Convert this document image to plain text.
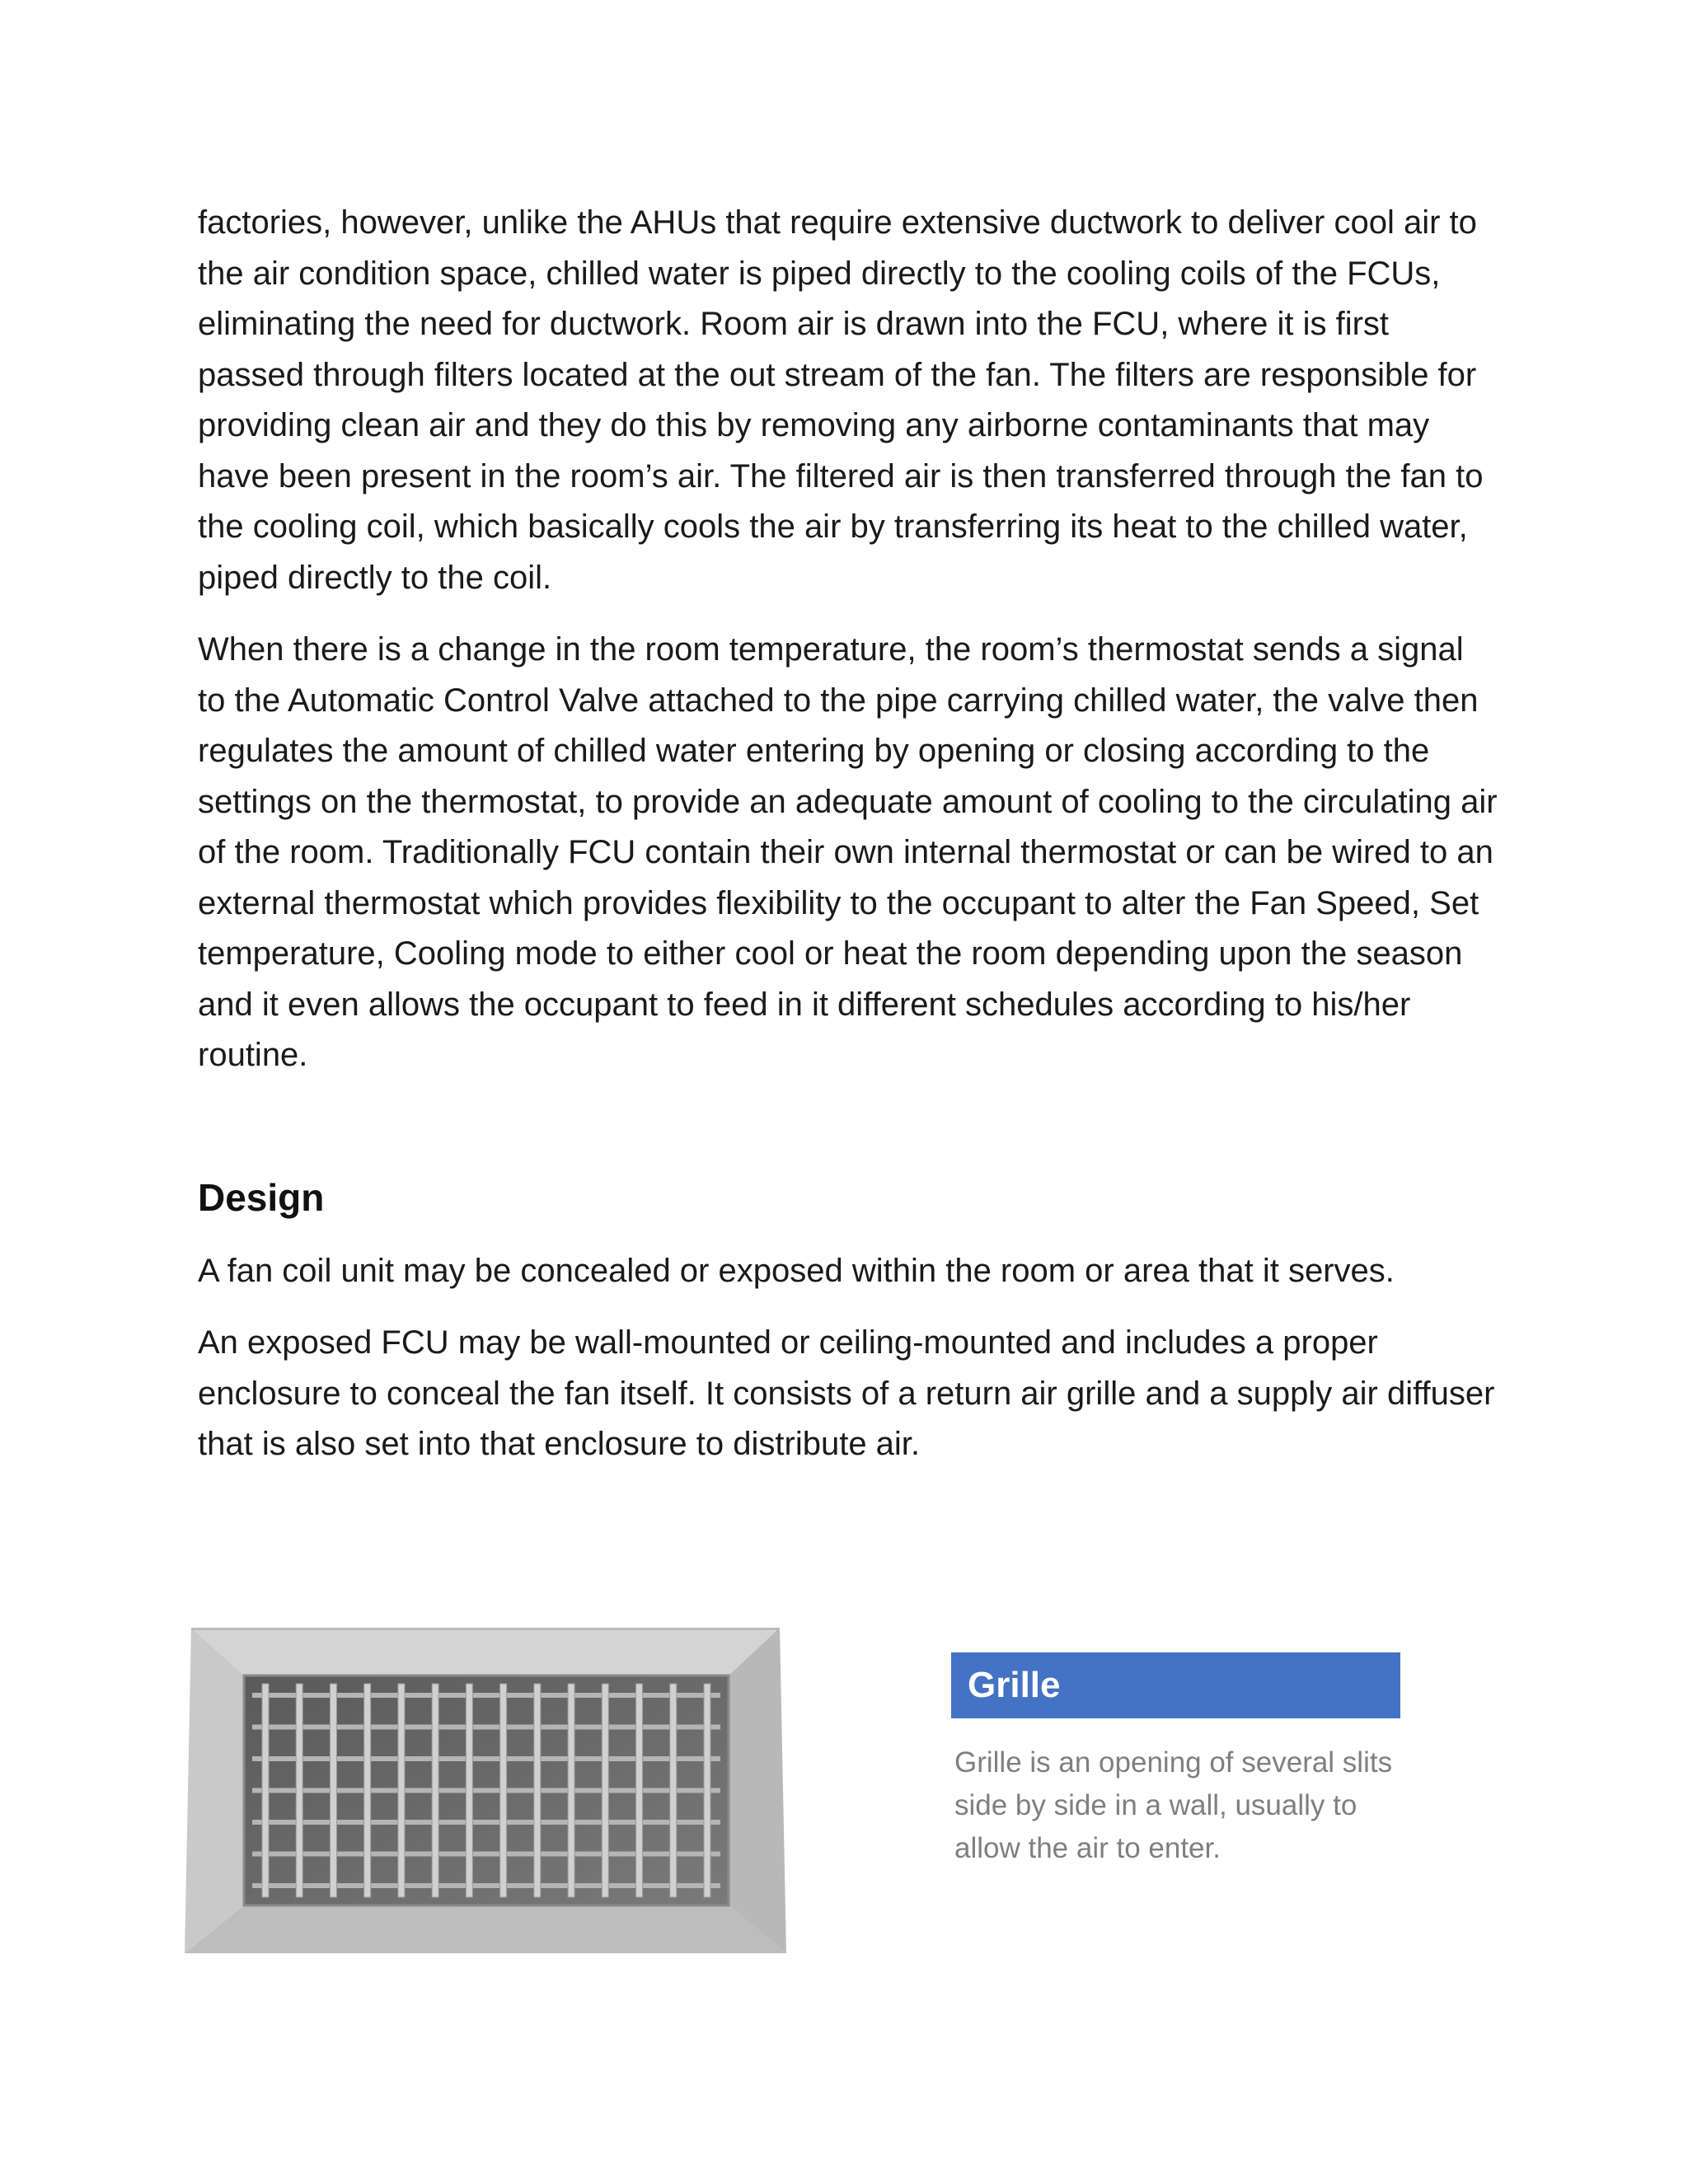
factories, however, unlike the AHUs that require extensive ductwork to deliver cool air to the air condition space, chilled water is piped directly to the cooling coils of the FCUs, eliminating the need for ductwork. Room air is drawn into the FCU, where it is first passed through filters located at the out stream of the fan. The filters are responsible for providing clean air and they do this by removing any airborne contaminants that may have been present in the room’s air. The filtered air is then transferred through the fan to the cooling coil, which basically cools the air by transferring its heat to the chilled water, piped directly to the coil.

When there is a change in the room temperature, the room’s thermostat sends a signal to the Automatic Control Valve attached to the pipe carrying chilled water, the valve then regulates the amount of chilled water entering by opening or closing according to the settings on the thermostat, to provide an adequate amount of cooling to the circulating air of the room. Traditionally FCU contain their own internal thermostat or can be wired to an external thermostat which provides flexibility to the occupant to alter the Fan Speed, Set temperature, Cooling mode to either cool or heat the room depending upon the season and it even allows the occupant to feed in it different schedules according to his/her routine.

Design

A fan coil unit may be concealed or exposed within the room or area that it serves.

An exposed FCU may be wall-mounted or ceiling-mounted and includes a proper enclosure to conceal the fan itself. It consists of a return air grille and a supply air diffuser that is also set into that enclosure to distribute air.

Grille
Grille is an opening of several slits side by side in a wall, usually to allow the air to enter.
